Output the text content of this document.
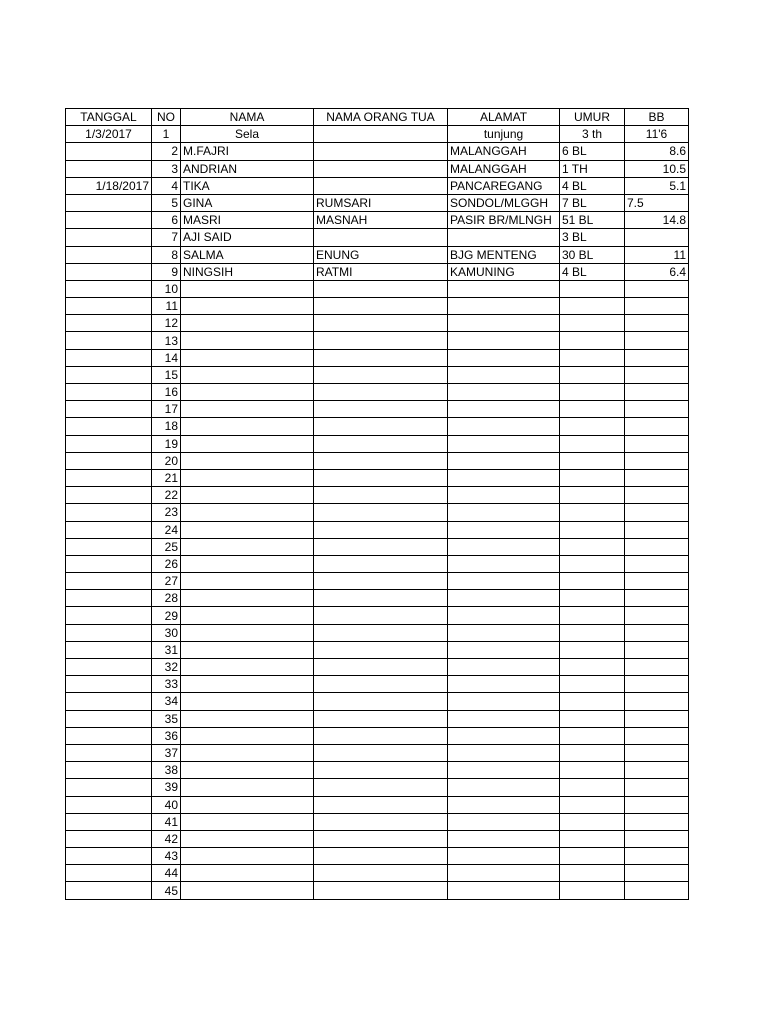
TANGGAL	NO	NAMA	NAMA ORANG TUA	ALAMAT	UMUR	BB
1/3/2017	1	Sela		tunjung	3 th	11'6
	2	M.FAJRI		MALANGGAH	6 BL	8.6
	3	ANDRIAN		MALANGGAH	1 TH	10.5
1/18/2017	4	TIKA		PANCAREGANG	4 BL	5.1
	5	GINA	RUMSARI	SONDOL/MLGGH	7 BL	7.5
	6	MASRI	MASNAH	PASIR BR/MLNGH	51 BL	14.8
	7	AJI SAID			3 BL	
	8	SALMA	ENUNG	BJG MENTENG	30 BL	11
	9	NINGSIH	RATMI	KAMUNING	4 BL	6.4
	10					
	11					
	12					
	13					
	14					
	15					
	16					
	17					
	18					
	19					
	20					
	21					
	22					
	23					
	24					
	25					
	26					
	27					
	28					
	29					
	30					
	31					
	32					
	33					
	34					
	35					
	36					
	37					
	38					
	39					
	40					
	41					
	42					
	43					
	44					
	45					
